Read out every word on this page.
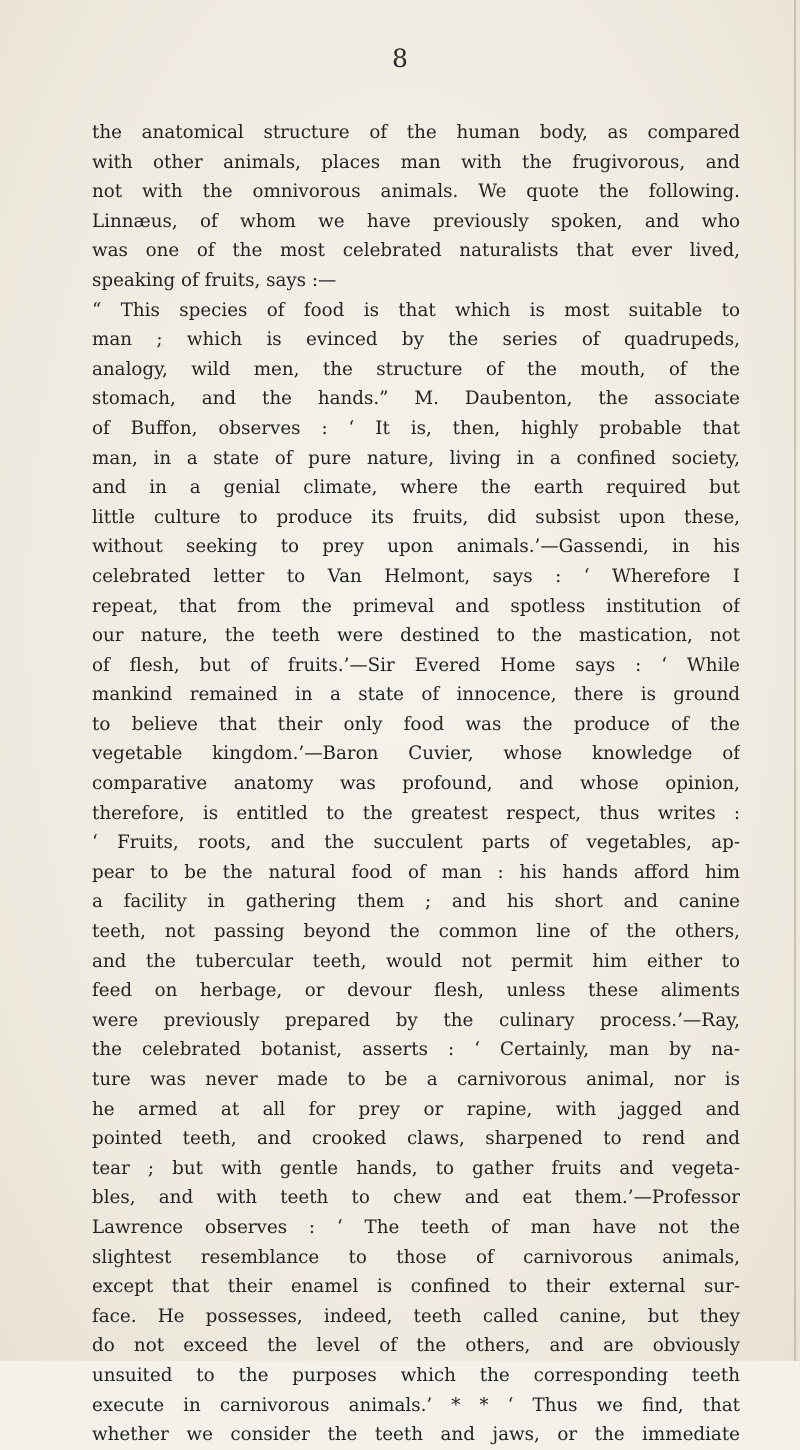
8
the anatomical structure of the human body, as compared
with other animals, places man with the frugivorous, and
not with the omnivorous animals. We quote the following.
Linnæus, of whom we have previously spoken, and who
was one of the most celebrated naturalists that ever lived,
speaking of fruits, says :—
“ This species of food is that which is most suitable to
man ; which is evinced by the series of quadrupeds,
analogy, wild men, the structure of the mouth, of the
stomach, and the hands.” M. Daubenton, the associate
of Buffon, observes : ‘ It is, then, highly probable that
man, in a state of pure nature, living in a confined society,
and in a genial climate, where the earth required but
little culture to produce its fruits, did subsist upon these,
without seeking to prey upon animals.’—Gassendi, in his
celebrated letter to Van Helmont, says : ‘ Wherefore I
repeat, that from the primeval and spotless institution of
our nature, the teeth were destined to the mastication, not
of flesh, but of fruits.’—Sir Evered Home says : ‘ While
mankind remained in a state of innocence, there is ground
to believe that their only food was the produce of the
vegetable kingdom.’—Baron Cuvier, whose knowledge of
comparative anatomy was profound, and whose opinion,
therefore, is entitled to the greatest respect, thus writes :
‘ Fruits, roots, and the succulent parts of vegetables, ap-
pear to be the natural food of man : his hands afford him
a facility in gathering them ; and his short and canine
teeth, not passing beyond the common line of the others,
and the tubercular teeth, would not permit him either to
feed on herbage, or devour flesh, unless these aliments
were previously prepared by the culinary process.’—Ray,
the celebrated botanist, asserts : ‘ Certainly, man by na-
ture was never made to be a carnivorous animal, nor is
he armed at all for prey or rapine, with jagged and
pointed teeth, and crooked claws, sharpened to rend and
tear ; but with gentle hands, to gather fruits and vegeta-
bles, and with teeth to chew and eat them.’—Professor
Lawrence observes : ‘ The teeth of man have not the
slightest resemblance to those of carnivorous animals,
except that their enamel is confined to their external sur-
face. He possesses, indeed, teeth called canine, but they
do not exceed the level of the others, and are obviously
unsuited to the purposes which the corresponding teeth
execute in carnivorous animals.’ * * ‘ Thus we find, that
whether we consider the teeth and jaws, or the immediate
